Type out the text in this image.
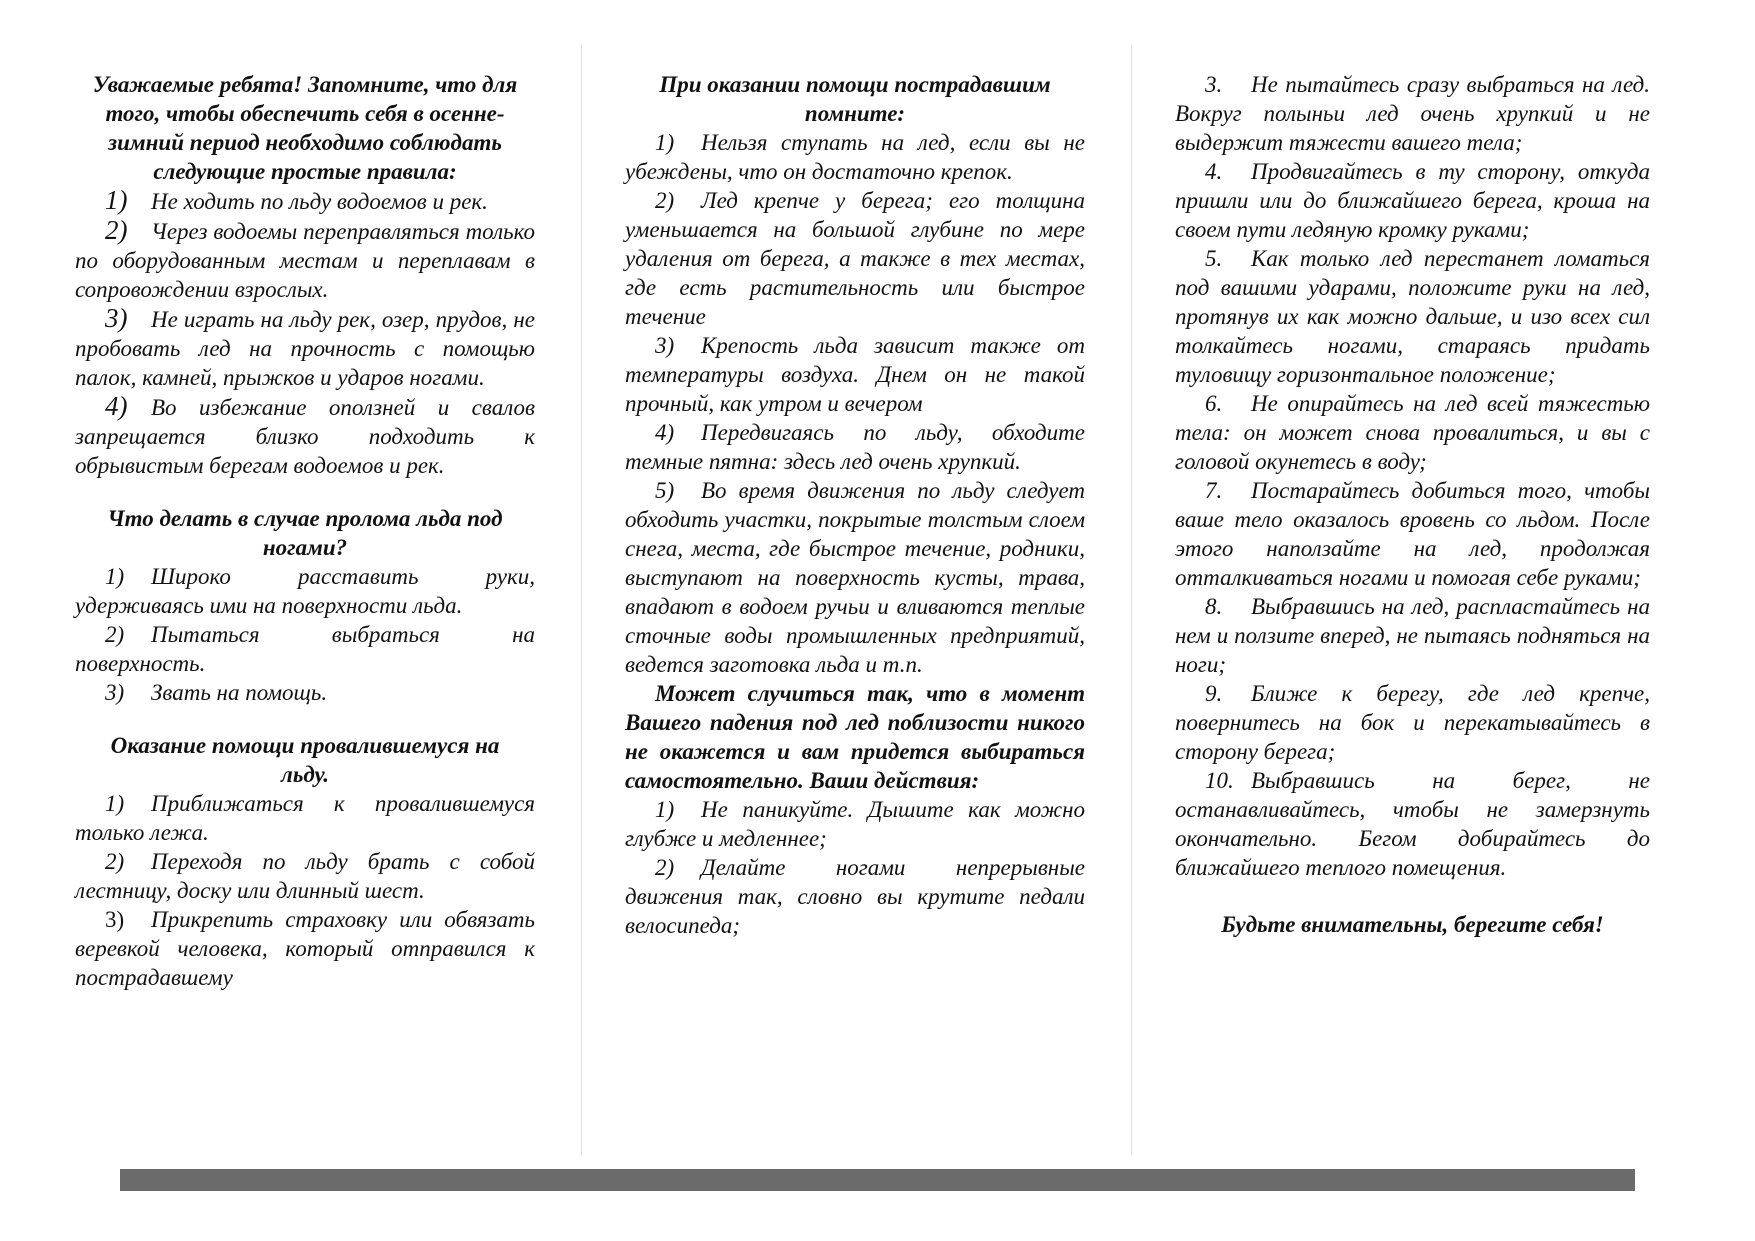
Уважаемые ребята! Запомните, что для того, чтобы обеспечить себя в осенне-зимний период необходимо соблюдать следующие простые правила:

1) Не ходить по льду водоемов и рек.

2) Через водоемы переправляться только по оборудованным местам и переплавам в сопровождении взрослых.

3) Не играть на льду рек, озер, прудов, не пробовать лед на прочность с помощью палок, камней, прыжков и ударов ногами.

4) Во избежание оползней и свалов запрещается близко подходить к обрывистым берегам водоемов и рек.

Что делать в случае пролома льда под ногами?

1) Широко расставить руки, удерживаясь ими на поверхности льда.

2) Пытаться выбраться на поверхность.

3) Звать на помощь.

Оказание помощи провалившемуся на льду.

1) Приближаться к провалившемуся только лежа.

2) Переходя по льду брать с собой лестницу, доску или длинный шест.

3) Прикрепить страховку или обвязать веревкой человека, который отправился к пострадавшему

При оказании помощи пострадавшим помните:

1) Нельзя ступать на лед, если вы не убеждены, что он достаточно крепок.

2) Лед крепче у берега; его толщина уменьшается на большой глубине по мере удаления от берега, а также в тех местах, где есть растительность или быстрое течение

3) Крепость льда зависит также от температуры воздуха. Днем он не такой прочный, как утром и вечером

4) Передвигаясь по льду, обходите темные пятна: здесь лед очень хрупкий.

5) Во время движения по льду следует обходить участки, покрытые толстым слоем снега, места, где быстрое течение, родники, выступают на поверхность кусты, трава, впадают в водоем ручьи и вливаются теплые сточные воды промышленных предприятий, ведется заготовка льда и т.п.

Может случиться так, что в момент Вашего падения под лед поблизости никого не окажется и вам придется выбираться самостоятельно. Ваши действия:

1) Не паникуйте. Дышите как можно глубже и медленнее;

2) Делайте ногами непрерывные движения так, словно вы крутите педали велосипеда;

3. Не пытайтесь сразу выбраться на лед. Вокруг полыньи лед очень хрупкий и не выдержит тяжести вашего тела;

4. Продвигайтесь в ту сторону, откуда пришли или до ближайшего берега, кроша на своем пути ледяную кромку руками;

5. Как только лед перестанет ломаться под вашими ударами, положите руки на лед, протянув их как можно дальше, и изо всех сил толкайтесь ногами, стараясь придать туловищу горизонтальное положение;

6. Не опирайтесь на лед всей тяжестью тела: он может снова провалиться, и вы с головой окунетесь в воду;

7. Постарайтесь добиться того, чтобы ваше тело оказалось вровень со льдом. После этого наползайте на лед, продолжая отталкиваться ногами и помогая себе руками;

8. Выбравшись на лед, распластайтесь на нем и ползите вперед, не пытаясь подняться на ноги;

9. Ближе к берегу, где лед крепче, повернитесь на бок и перекатывайтесь в сторону берега;

10. Выбравшись на берег, не останавливайтесь, чтобы не замерзнуть окончательно. Бегом добирайтесь до ближайшего теплого помещения.

Будьте внимательны, берегите себя!
